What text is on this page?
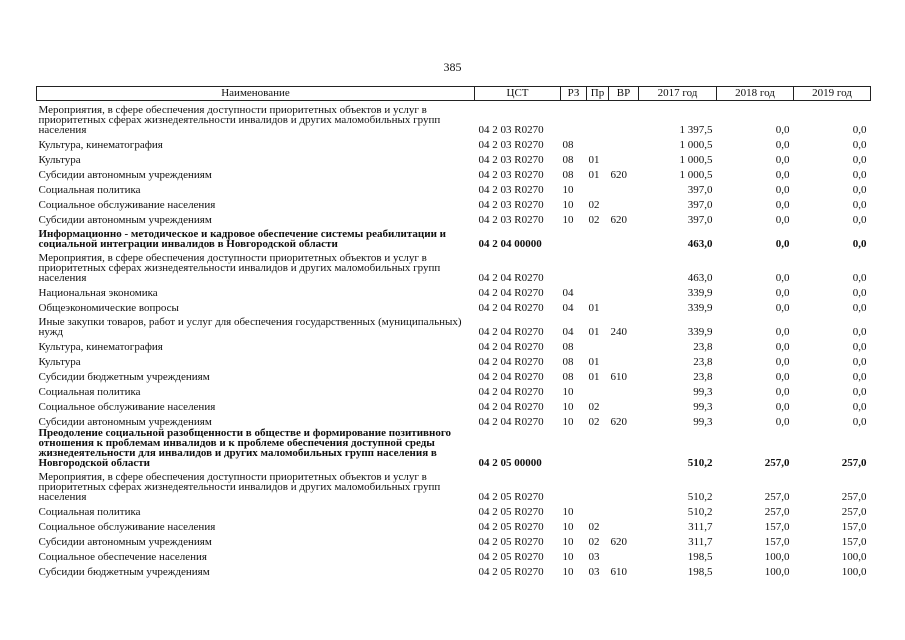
385
Наименование	ЦСТ	РЗ	Пр	ВР	2017 год	2018 год	2019 год
Мероприятия, в сфере обеспечения доступности приоритетных объектов и услуг в приоритетных сферах жизнедеятельности инвалидов и других маломобильных групп населения	04 2 03 R0270				1 397,5	0,0	0,0
Культура, кинематография	04 2 03 R0270	08			1 000,5	0,0	0,0
Культура	04 2 03 R0270	08	01		1 000,5	0,0	0,0
Субсидии автономным учреждениям	04 2 03 R0270	08	01	620	1 000,5	0,0	0,0
Социальная политика	04 2 03 R0270	10			397,0	0,0	0,0
Социальное обслуживание населения	04 2 03 R0270	10	02		397,0	0,0	0,0
Субсидии автономным учреждениям	04 2 03 R0270	10	02	620	397,0	0,0	0,0
Информационно - методическое и кадровое обеспечение системы реабилитации и социальной интеграции инвалидов в Новгородской области	04 2 04 00000				463,0	0,0	0,0
Мероприятия, в сфере обеспечения доступности приоритетных объектов и услуг в приоритетных сферах жизнедеятельности инвалидов и других маломобильных групп населения	04 2 04 R0270				463,0	0,0	0,0
Национальная экономика	04 2 04 R0270	04			339,9	0,0	0,0
Общеэкономические вопросы	04 2 04 R0270	04	01		339,9	0,0	0,0
Иные закупки товаров, работ и услуг для обеспечения государственных (муниципальных) нужд	04 2 04 R0270	04	01	240	339,9	0,0	0,0
Культура, кинематография	04 2 04 R0270	08			23,8	0,0	0,0
Культура	04 2 04 R0270	08	01		23,8	0,0	0,0
Субсидии бюджетным учреждениям	04 2 04 R0270	08	01	610	23,8	0,0	0,0
Социальная политика	04 2 04 R0270	10			99,3	0,0	0,0
Социальное обслуживание населения	04 2 04 R0270	10	02		99,3	0,0	0,0
Субсидии автономным учреждениям	04 2 04 R0270	10	02	620	99,3	0,0	0,0
Преодоление социальной разобщенности в обществе и формирование позитивного отношения к проблемам инвалидов и к проблеме обеспечения доступной среды жизнедеятельности для инвалидов и других маломобильных групп населения в Новгородской области	04 2 05 00000				510,2	257,0	257,0
Мероприятия, в сфере обеспечения доступности приоритетных объектов и услуг в приоритетных сферах жизнедеятельности инвалидов и других маломобильных групп населения	04 2 05 R0270				510,2	257,0	257,0
Социальная политика	04 2 05 R0270	10			510,2	257,0	257,0
Социальное обслуживание населения	04 2 05 R0270	10	02		311,7	157,0	157,0
Субсидии автономным учреждениям	04 2 05 R0270	10	02	620	311,7	157,0	157,0
Социальное обеспечение населения	04 2 05 R0270	10	03		198,5	100,0	100,0
Субсидии бюджетным учреждениям	04 2 05 R0270	10	03	610	198,5	100,0	100,0
